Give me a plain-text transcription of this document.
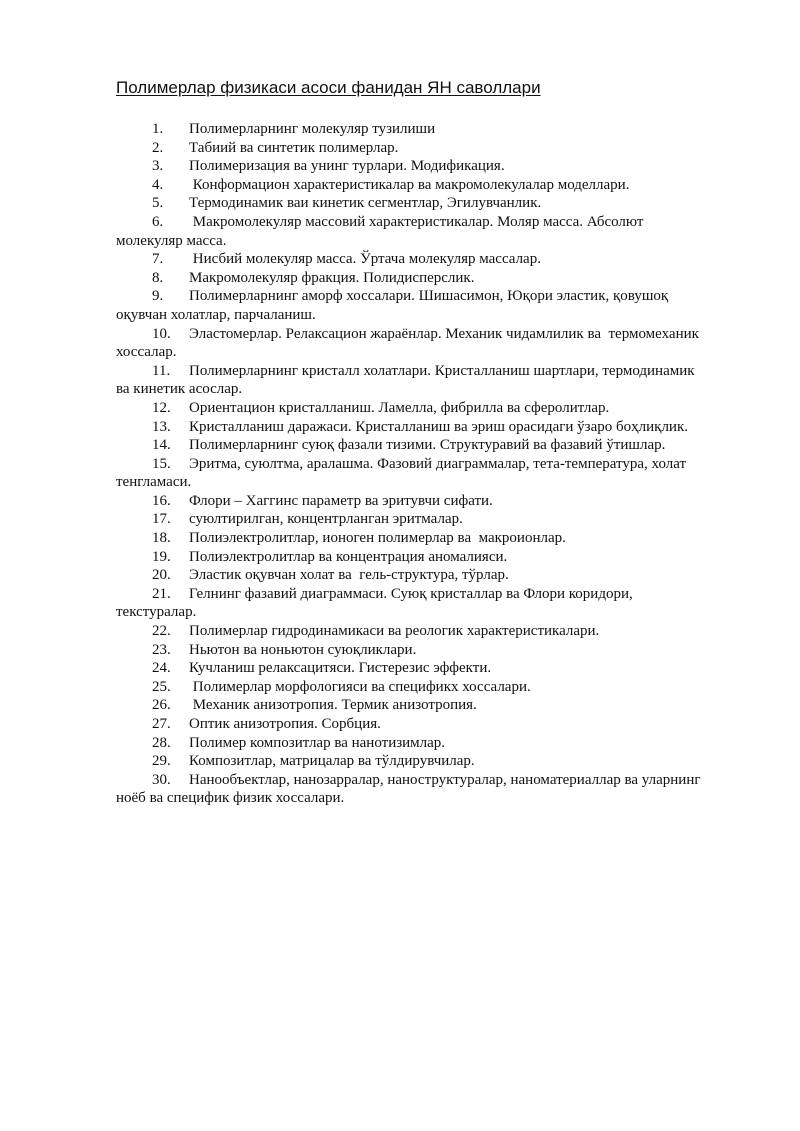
Полимерлар физикаси асоси фанидан ЯН саволлари
1. Полимерларнинг молекуляр тузилиши
2. Табиий ва синтетик полимерлар.
3. Полимеризация ва унинг турлари. Модификация.
4. Конформацион характеристикалар ва макромолекулалар моделлари.
5. Термодинамик ваи кинетик сегментлар, Эгилувчанлик.
6. Макромолекуляр массовий характеристикалар. Моляр масса. Абсолют
молекуляр масса.
7. Нисбий молекуляр масса. Ўртача молекуляр массалар.
8. Макромолекуляр фракция. Полидисперслик.
9. Полимерларнинг аморф хоссалари. Шишасимон, Юқори эластик, қовушоқ
оқувчан холатлар, парчаланиш.
10. Эластомерлар. Релаксацион жараёнлар. Механик чидамлилик ва  термомеханик
хоссалар.
11. Полимерларнинг кристалл холатлари. Кристалланиш шартлари, термодинамик
ва кинетик асослар.
12. Ориентацион кристалланиш. Ламелла, фибрилла ва сферолитлар.
13. Кристалланиш даражаси. Кристалланиш ва эриш орасидаги ўзаро боҳлиқлик.
14. Полимерларнинг суюқ фазали тизими. Структуравий ва фазавий ўтишлар.
15. Эритма, суюлтма, аралашма. Фазовий диаграммалар, тета-температура, холат
тенгламаси.
16. Флори – Хаггинс параметр ва эритувчи сифати.
17. суюлтирилган, концентрланган эритмалар.
18. Полиэлектролитлар, ионоген полимерлар ва  макроионлар.
19. Полиэлектролитлар ва концентрация аномалияси.
20. Эластик оқувчан холат ва  гель-структура, тўрлар.
21. Гелнинг фазавий диаграммаси. Суюқ кристаллар ва Флори коридори,
текстуралар.
22. Полимерлар гидродинамикаси ва реологик характеристикалари.
23. Ньютон ва ноньютон суюқликлари.
24. Кучланиш релаксацитяси. Гистерезис эффекти.
25. Полимерлар морфологияси ва спецификх хоссалари.
26. Механик анизотропия. Термик анизотропия.
27. Оптик анизотропия. Сорбция.
28. Полимер композитлар ва нанотизимлар.
29. Композитлар, матрицалар ва тўлдирувчилар.
30. Нанообъектлар, нанозарралар, наноструктуралар, наноматериаллар ва уларнинг
ноёб ва специфик физик хоссалари.
